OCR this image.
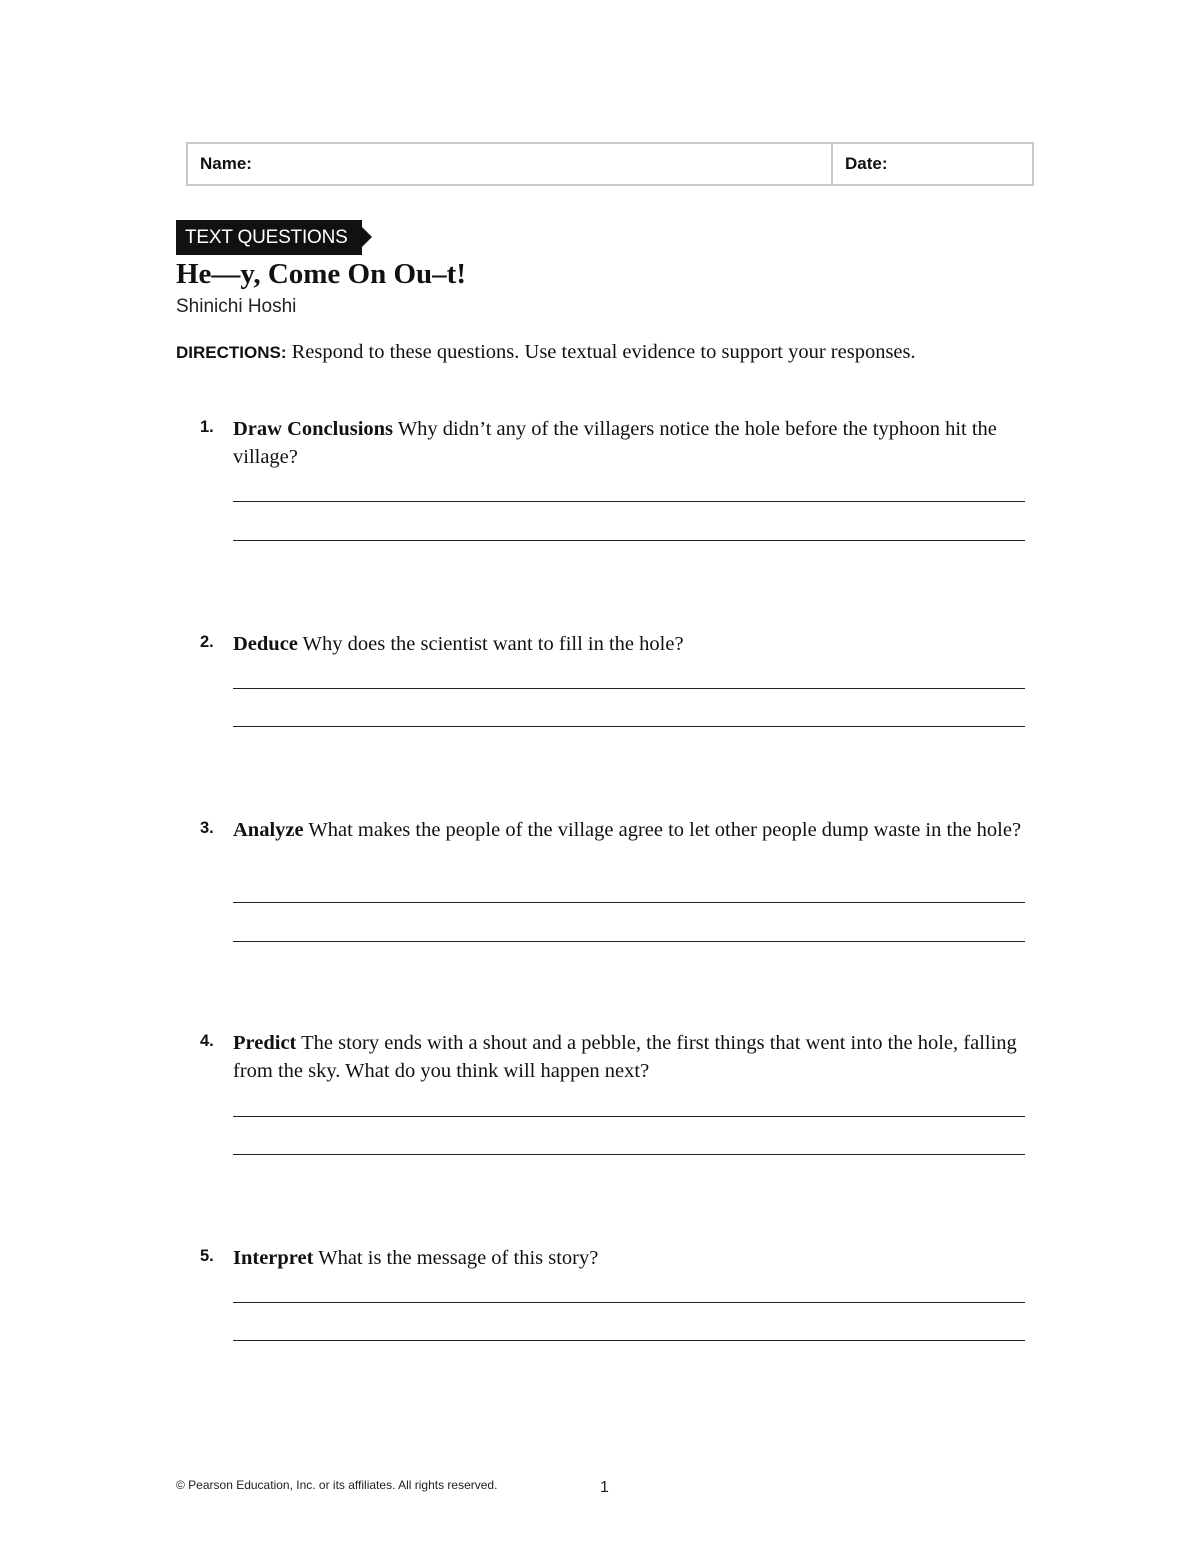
Name:	Date:
TEXT QUESTIONS
He—y, Come On Ou–t!
Shinichi Hoshi
DIRECTIONS: Respond to these questions. Use textual evidence to support your responses.
1. Draw Conclusions Why didn’t any of the villagers notice the hole before the typhoon hit the village?
2. Deduce Why does the scientist want to fill in the hole?
3. Analyze What makes the people of the village agree to let other people dump waste in the hole?
4. Predict The story ends with a shout and a pebble, the first things that went into the hole, falling from the sky. What do you think will happen next?
5. Interpret What is the message of this story?
© Pearson Education, Inc. or its affiliates. All rights reserved.	1
